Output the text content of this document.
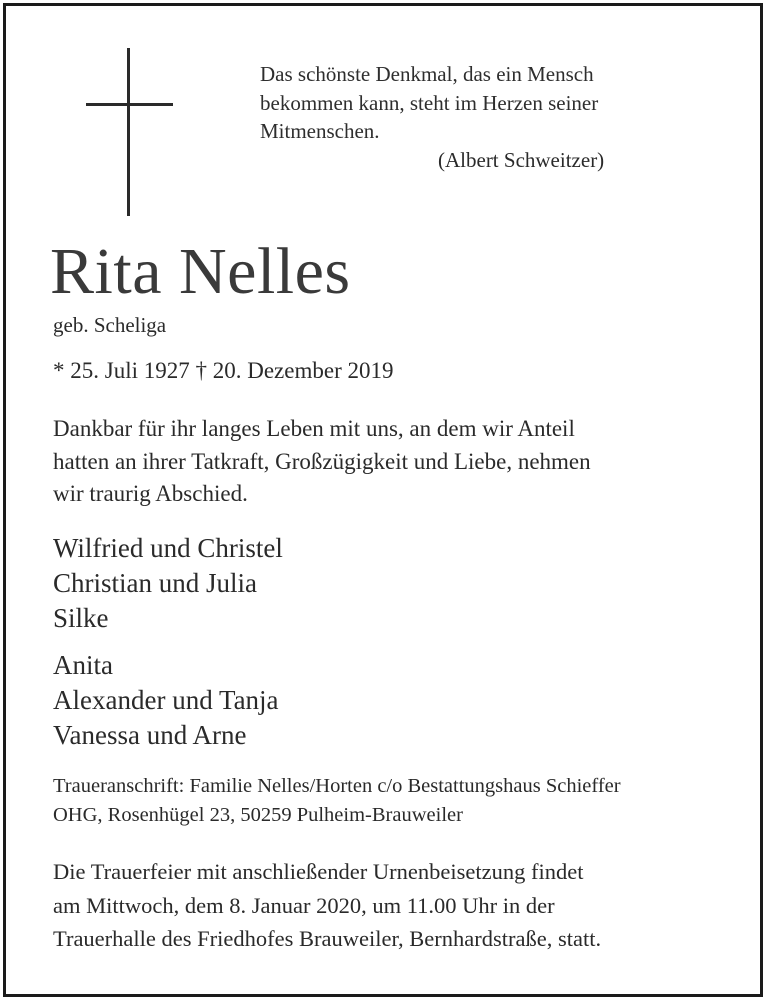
Das schönste Denkmal, das ein Mensch
bekommen kann, steht im Herzen seiner
Mitmenschen.
(Albert Schweitzer)
Rita Nelles
geb. Scheliga
* 25. Juli 1927 † 20. Dezember 2019
Dankbar für ihr langes Leben mit uns, an dem wir Anteil
hatten an ihrer Tatkraft, Großzügigkeit und Liebe, nehmen
wir traurig Abschied.
Wilfried und Christel
Christian und Julia
Silke
Anita
Alexander und Tanja
Vanessa und Arne
Traueranschrift: Familie Nelles/Horten c/o Bestattungshaus Schieffer
OHG, Rosenhügel 23, 50259 Pulheim-Brauweiler
Die Trauerfeier mit anschließender Urnenbeisetzung findet
am Mittwoch, dem 8. Januar 2020, um 11.00 Uhr in der
Trauerhalle des Friedhofes Brauweiler, Bernhardstraße, statt.
